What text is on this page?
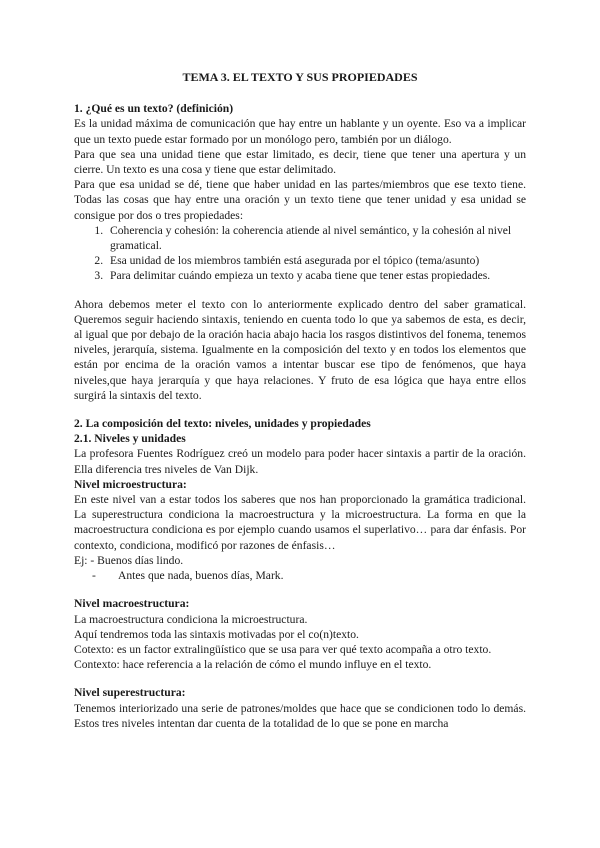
TEMA 3. EL TEXTO Y SUS PROPIEDADES
1. ¿Qué es un texto? (definición)

Es la unidad máxima de comunicación que hay entre un hablante y un oyente. Eso va a implicar que un texto puede estar formado por un monólogo pero, también por un diálogo.

Para que sea una unidad tiene que estar limitado, es decir, tiene que tener una apertura y un cierre. Un texto es una cosa y tiene que estar delimitado.

Para que esa unidad se dé, tiene que haber unidad en las partes/miembros que ese texto tiene. Todas las cosas que hay entre una oración y un texto tiene que tener unidad y esa unidad se consigue por dos o tres propiedades:

1. Coherencia y cohesión: la coherencia atiende al nivel semántico, y la cohesión al nivel gramatical.
2. Esa unidad de los miembros también está asegurada por el tópico (tema/asunto)
3. Para delimitar cuándo empieza un texto y acaba tiene que tener estas propiedades.

Ahora debemos meter el texto con lo anteriormente explicado dentro del saber gramatical. Queremos seguir haciendo sintaxis, teniendo en cuenta todo lo que ya sabemos de esta, es decir, al igual que por debajo de la oración hacia abajo hacia los rasgos distintivos del fonema, tenemos niveles, jerarquía, sistema. Igualmente en la composición del texto y en todos los elementos que están por encima de la oración vamos a intentar buscar ese tipo de fenómenos, que haya niveles,que haya jerarquía y que haya relaciones. Y fruto de esa lógica que haya entre ellos surgirá la sintaxis del texto.

2. La composición del texto: niveles, unidades y propiedades
2.1. Niveles y unidades

La profesora Fuentes Rodríguez creó un modelo para poder hacer sintaxis a partir de la oración. Ella diferencia tres niveles de Van Dijk.

Nivel microestructura:

En este nivel van a estar todos los saberes que nos han proporcionado la gramática tradicional. La superestructura condiciona la macroestructura y la microestructura. La forma en que la macroestructura condiciona es por ejemplo cuando usamos el superlativo… para dar énfasis. Por contexto, condiciona, modificó por razones de énfasis…

Ej: - Buenos días lindo.

- Antes que nada, buenos días, Mark.
Nivel macroestructura:

La macroestructura condiciona la microestructura.

Aquí tendremos toda las sintaxis motivadas por el co(n)texto.

Cotexto: es un factor extralingüístico que se usa para ver qué texto acompaña a otro texto.

Contexto: hace referencia a la relación de cómo el mundo influye en el texto.

Nivel superestructura:

Tenemos interiorizado una serie de patrones/moldes que hace que se condicionen todo lo demás. Estos tres niveles intentan dar cuenta de la totalidad de lo que se pone en marcha
